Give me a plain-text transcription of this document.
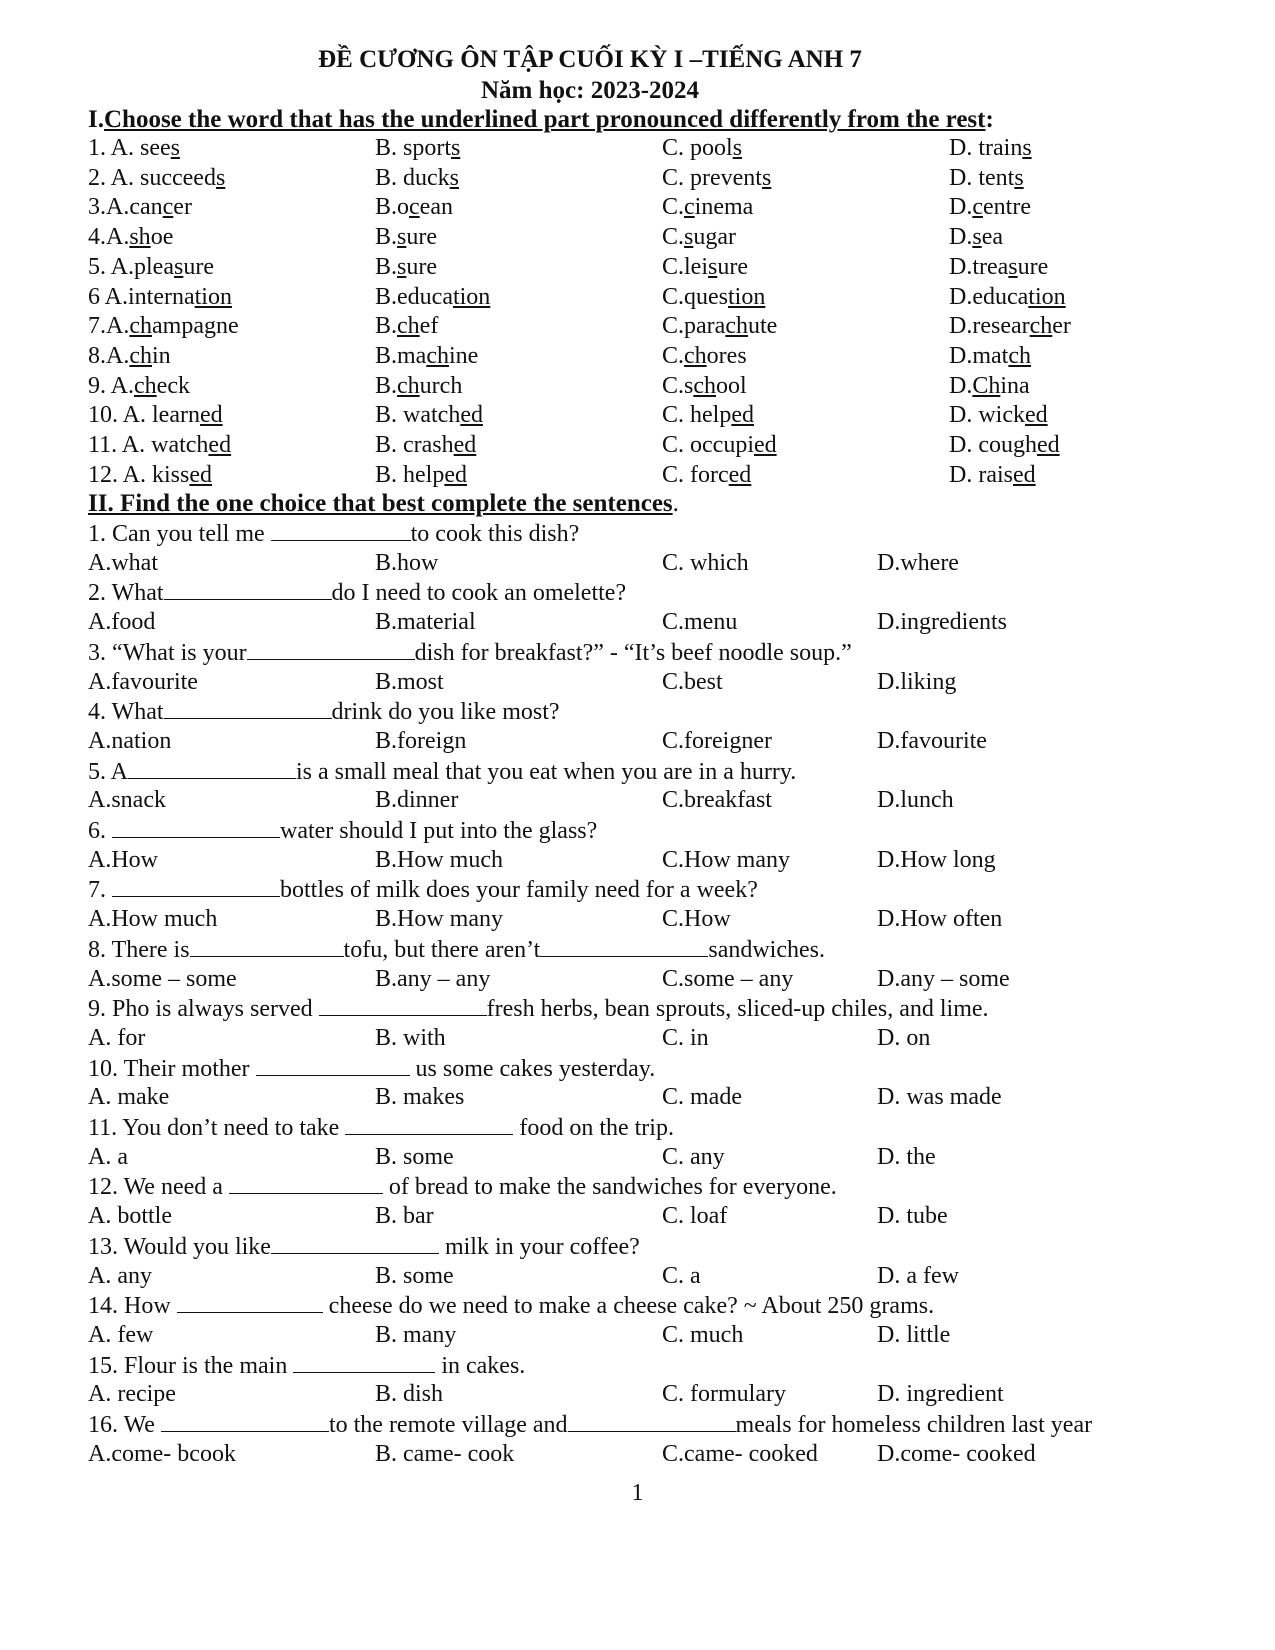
ĐỀ CƯƠNG ÔN TẬP CUỐI KỲ I –TIẾNG ANH 7
Năm học: 2023-2024
I.Choose the word that has the underlined part pronounced differently from the rest:
1. A. sees	B. sports	C. pools	D. trains
2. A. succeeds	B. ducks	C. prevents	D. tents
3.A.cancer	B.ocean	C.cinema	D.centre
4.A.shoe	B.sure	C.sugar	D.sea
5. A.pleasure	B.sure	C.leisure	D.treasure
6 A.internation	B.education	C.question	D.education
7.A.champagne	B.chef	C.parachute	D.researcher
8.A.chin	B.machine	C.chores	D.match
9. A.check	B.church	C.school	D.China
10. A. learned	B. watched	C. helped	D. wicked
11. A. watched	B. crashed	C. occupied	D. coughed
12. A. kissed	B. helped	C. forced	D. raised
II. Find the one choice that best complete the sentences.
1. Can you tell me	to cook this dish?
A.what	B.how	C. which	D.where
2. What	do I need to cook an omelette?
A.food	B.material	C.menu	D.ingredients
3. “What is your	dish for breakfast?” - “It’s beef noodle soup.”
A.favourite	B.most	C.best	D.liking
4. What	drink do you like most?
A.nation	B.foreign	C.foreigner	D.favourite
5. A	is a small meal that you eat when you are in a hurry.
A.snack	B.dinner	C.breakfast	D.lunch
6.	water should I put into the glass?
A.How	B.How much	C.How many	D.How long
7.	bottles of milk does your family need for a week?
A.How much	B.How many	C.How	D.How often
8. There is	tofu, but there aren’t	sandwiches.
A.some – some	B.any – any	C.some – any	D.any – some
9. Pho is always served	fresh herbs, bean sprouts, sliced-up chiles, and lime.
A. for	B. with	C. in	D. on
10. Their mother	us some cakes yesterday.
A. make	B. makes	C. made	D. was made
11. You don’t need to take	food on the trip.
A. a	B. some	C. any	D. the
12. We need a	of bread to make the sandwiches for everyone.
A. bottle	B. bar	C. loaf	D. tube
13. Would you like	milk in your coffee?
A. any	B. some	C. a	D. a few
14. How	cheese do we need to make a cheese cake? ~ About 250 grams.
A. few	B. many	C. much	D. little
15. Flour is the main	in cakes.
A. recipe	B. dish	C. formulary	D. ingredient
16. We	to the remote village and	meals for homeless children last year
A.come- bcook	B. came- cook	C.came- cooked D.come- cooked
1
